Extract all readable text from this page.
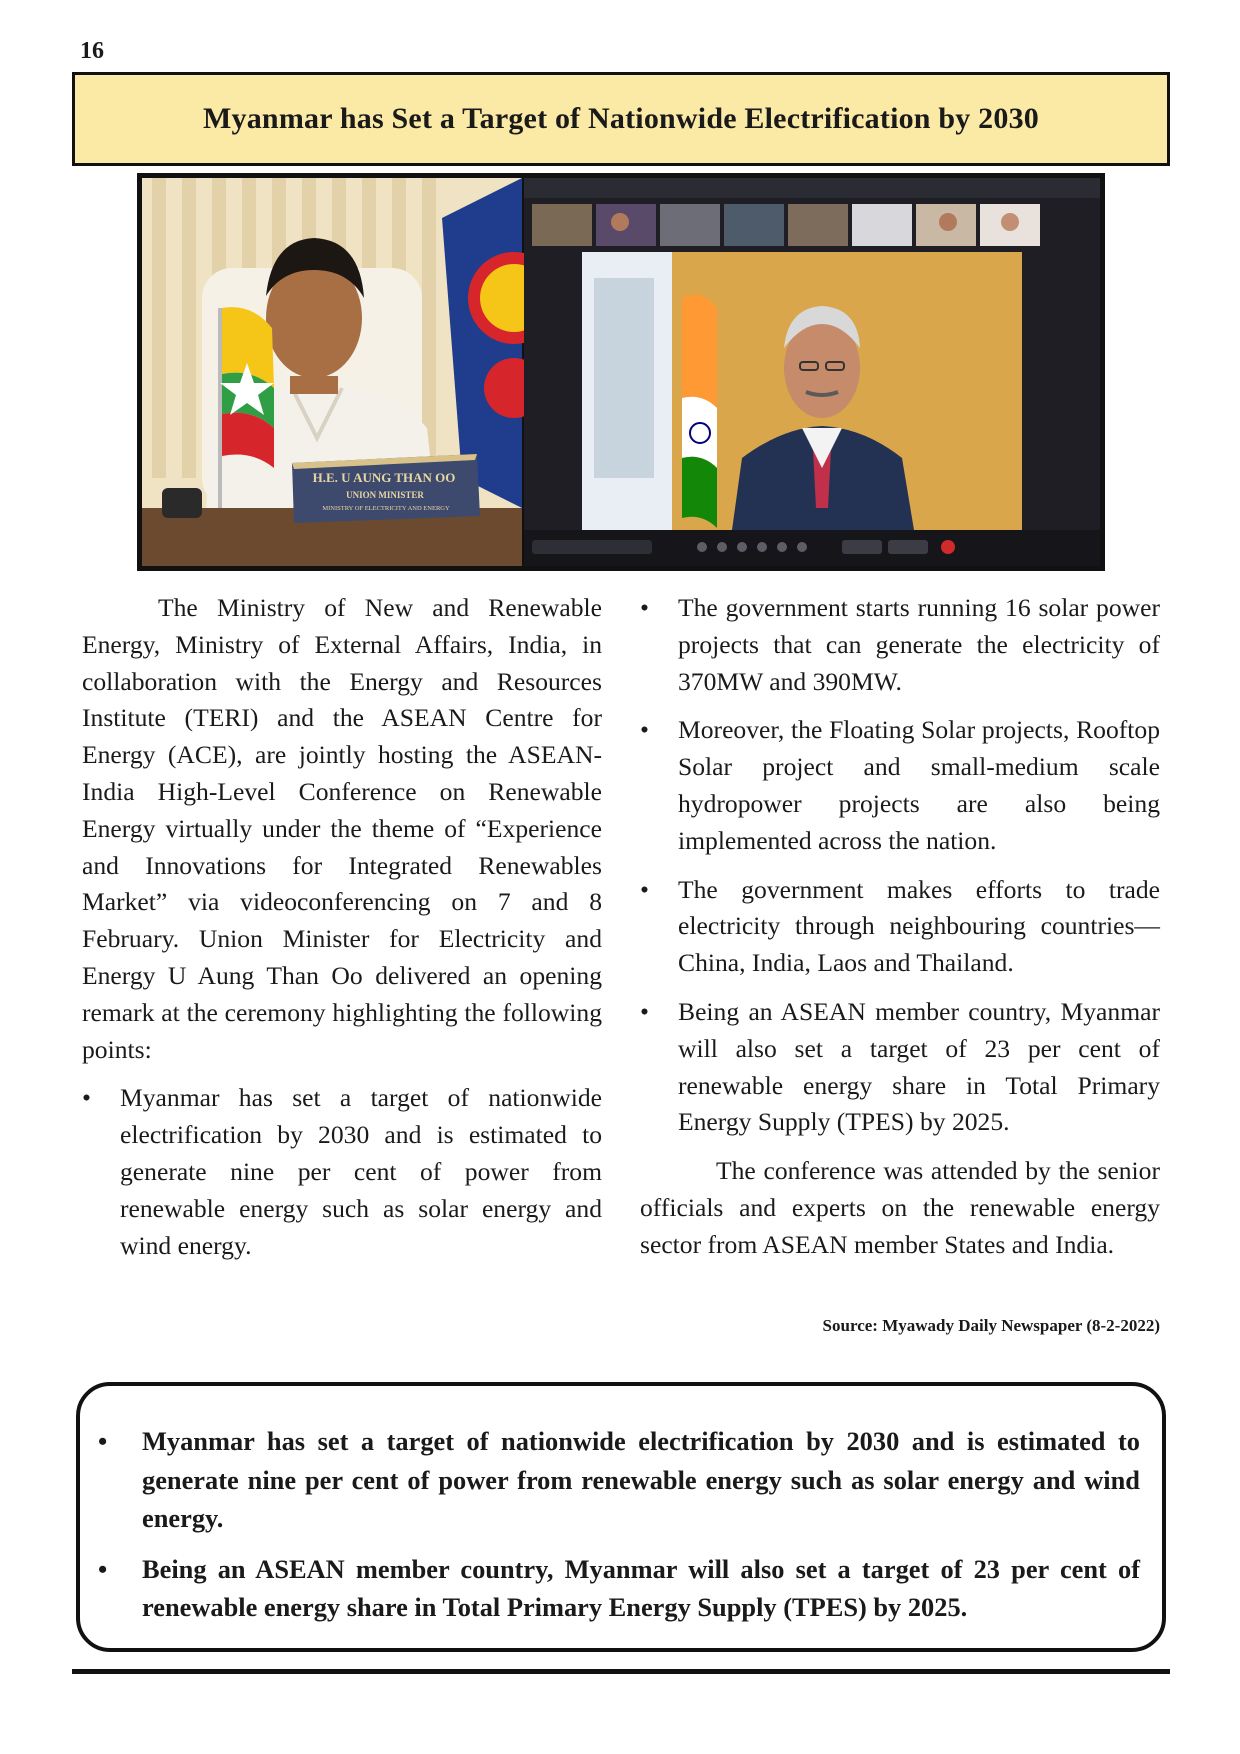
16
Myanmar has Set a Target of Nationwide Electrification by 2030
H.E. U AUNG THAN OO
UNION MINISTER
MINISTRY OF ELECTRICITY AND ENERGY

The Ministry of New and Renewable Energy, Ministry of External Affairs, India, in collaboration with the Energy and Resources Institute (TERI) and the ASEAN Centre for Energy (ACE), are jointly hosting the ASEAN-India High-Level Conference on Renewable Energy virtually under the theme of “Experience and Innovations for Integrated Renewables Market” via videoconferencing on 7 and 8 February. Union Minister for Electricity and Energy U Aung Than Oo delivered an opening remark at the ceremony highlighting the following points:

• Myanmar has set a target of nationwide electrification by 2030 and is estimated to generate nine per cent of power from renewable energy such as solar energy and wind energy.
• The government starts running 16 solar power projects that can generate the electricity of 370MW and 390MW.
• Moreover, the Floating Solar projects, Rooftop Solar project and small-medium scale hydropower projects are also being implemented across the nation.
• The government makes efforts to trade electricity through neighbouring countries—China, India, Laos and Thailand.
• Being an ASEAN member country, Myanmar will also set a target of 23 per cent of renewable energy share in Total Primary Energy Supply (TPES) by 2025.

The conference was attended by the senior officials and experts on the renewable energy sector from ASEAN member States and India.

Source: Myawady Daily Newspaper (8-2-2022)
• Myanmar has set a target of nationwide electrification by 2030 and is estimated to generate nine per cent of power from renewable energy such as solar energy and wind energy.
• Being an ASEAN member country, Myanmar will also set a target of 23 per cent of renewable energy share in Total Primary Energy Supply (TPES) by 2025.
